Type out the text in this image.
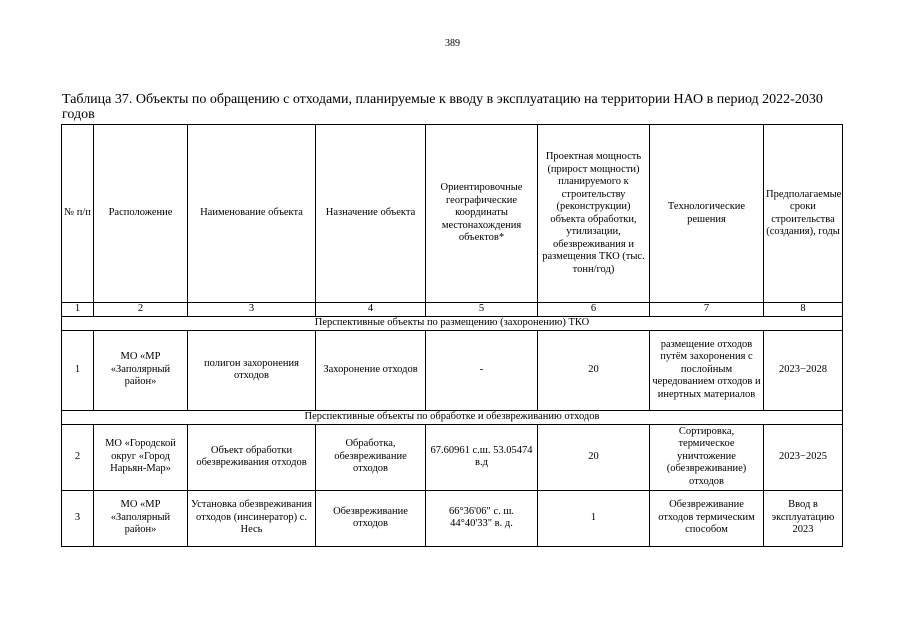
389
Таблица 37. Объекты по обращению с отходами, планируемые к вводу в эксплуатацию на территории НАО в период 2022-2030 годов
№ п/п	Расположение	Наименование объекта	Назначение объекта	Ориентировочные географические координаты местонахождения объектов*	Проектная мощность (прирост мощности) планируемого к строительству (реконструкции) объекта обработки, утилизации, обезвреживания и размещения ТКО (тыс. тонн/год)	Технологические решения	Предполагаемые сроки строительства (создания), годы
1	2	3	4	5	6	7	8
Перспективные объекты по размещению (захоронению) ТКО							
1	МО «МР «Заполярный район»	полигон захоронения отходов	Захоронение отходов	-	20	размещение отходов путём захоронения с послойным чередованием отходов и инертных материалов	2023−2028
Перспективные объекты по обработке и обезвреживанию отходов							
2	МО «Городской округ «Город Нарьян-Мар»	Объект обработки обезвреживания отходов	Обработка, обезвреживание отходов	67.60961 с.ш. 53.05474 в.д	20	Сортировка, термическое уничтожение (обезвреживание) отходов	2023−2025
3	МО «МР «Заполярный район»	Установка обезвреживания отходов (инсинератор) с. Несь	Обезвреживание отходов	66°36'06" с. ш. 44°40'33" в. д.	1	Обезвреживание отходов термическим способом	Ввод в эксплуатацию 2023
